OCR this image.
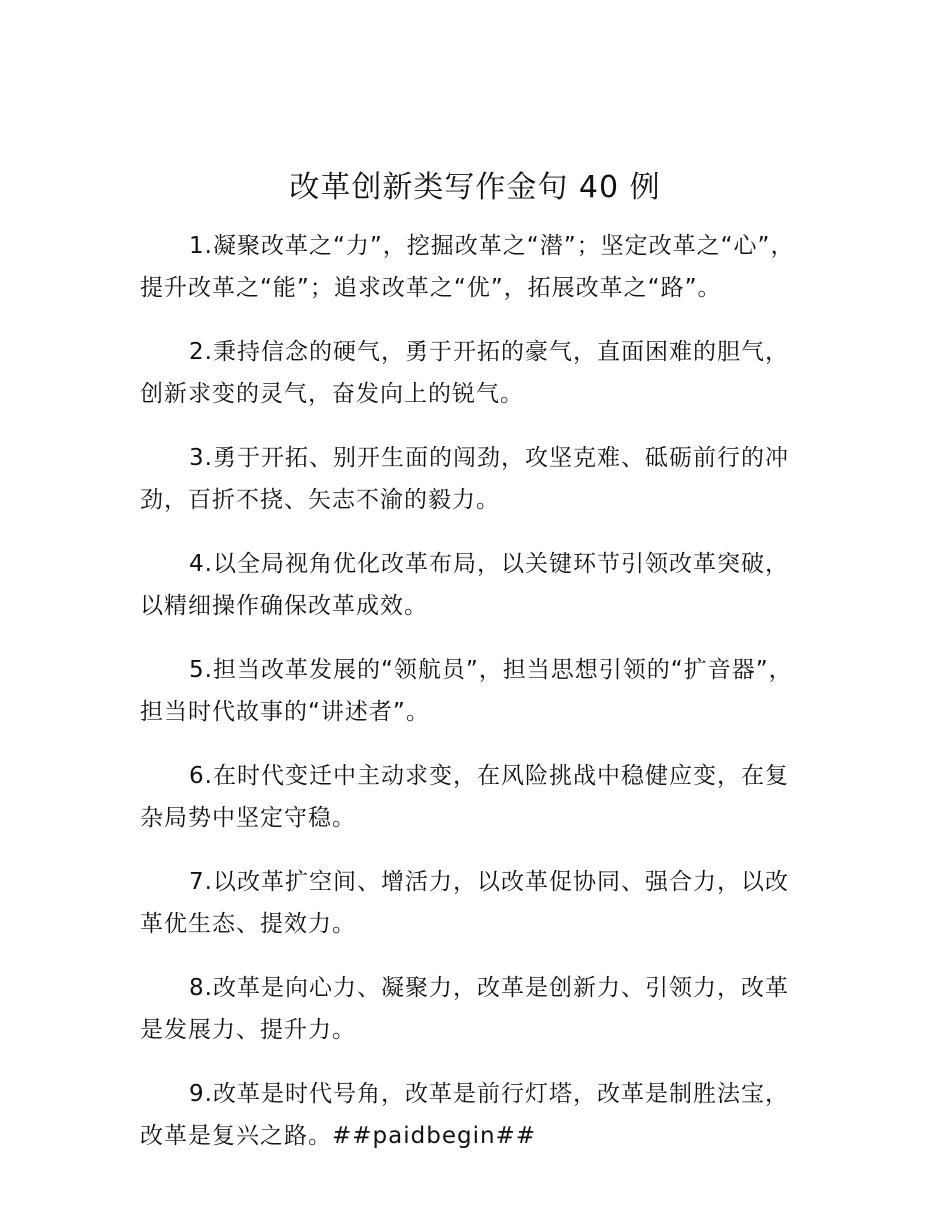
改革创新类写作金句 40 例

1.凝聚改革之“力”，挖掘改革之“潜”；坚定改革之“心”，
提升改革之“能”；追求改革之“优”，拓展改革之“路”。

2.秉持信念的硬气，勇于开拓的豪气，直面困难的胆气，
创新求变的灵气，奋发向上的锐气。

3.勇于开拓、别开生面的闯劲，攻坚克难、砥砺前行的冲
劲，百折不挠、矢志不渝的毅力。

4.以全局视角优化改革布局，以关键环节引领改革突破，
以精细操作确保改革成效。

5.担当改革发展的“领航员”，担当思想引领的“扩音器”，
担当时代故事的“讲述者”。

6.在时代变迁中主动求变，在风险挑战中稳健应变，在复
杂局势中坚定守稳。

7.以改革扩空间、增活力，以改革促协同、强合力，以改
革优生态、提效力。

8.改革是向心力、凝聚力，改革是创新力、引领力，改革
是发展力、提升力。

9.改革是时代号角，改革是前行灯塔，改革是制胜法宝，
改革是复兴之路。##paidbegin##
